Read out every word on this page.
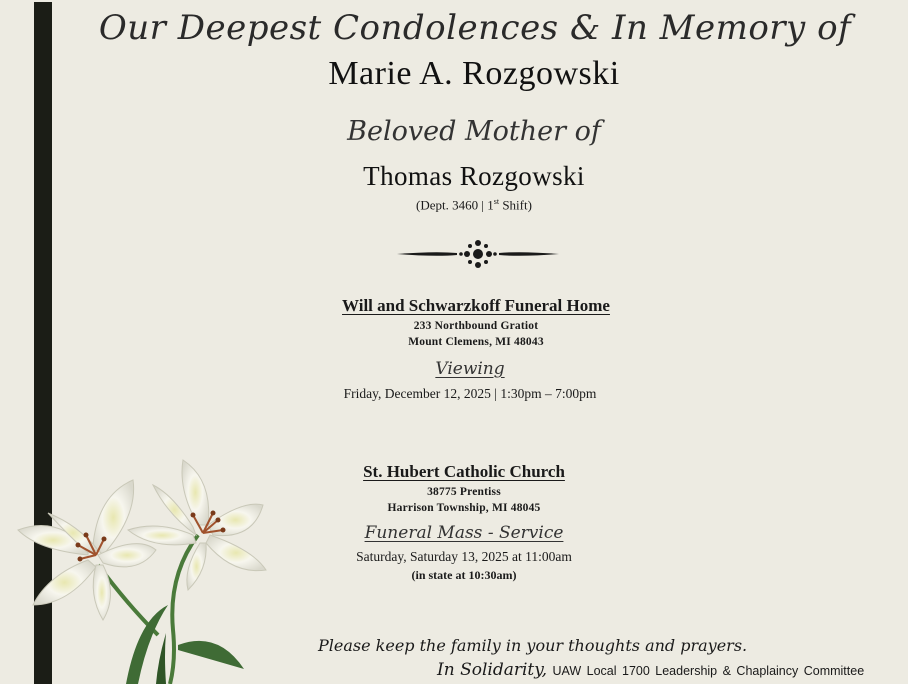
Our Deepest Condolences & In Memory of
Marie A. Rozgowski
Beloved Mother of
Thomas Rozgowski
(Dept. 3460 | 1st Shift)
Will and Schwarzkoff Funeral Home
233 Northbound Gratiot
Mount Clemens, MI 48043
Viewing
Friday, December 12, 2025 | 1:30pm – 7:00pm
St. Hubert Catholic Church
38775 Prentiss
Harrison Township, MI 48045
Funeral Mass - Service
Saturday, Saturday 13, 2025 at 11:00am
(in state at 10:30am)
Please keep the family in your thoughts and prayers.
In Solidarity, UAW Local 1700 Leadership & Chaplaincy Committee
